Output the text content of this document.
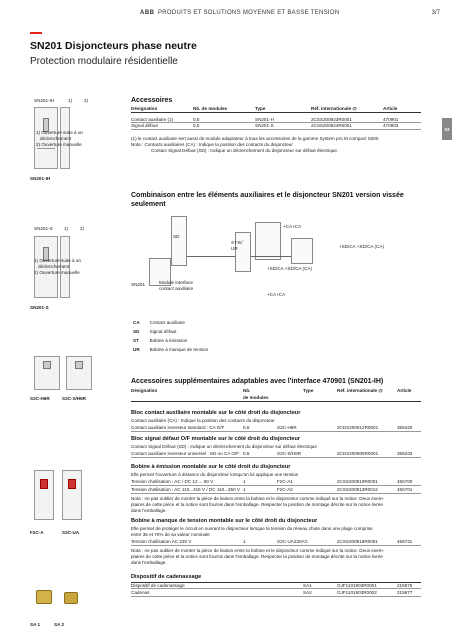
ABB PRODUITS ET SOLUTIONS MOYENNE ET BASSE TENSION	3/7
SN201 Disjoncteurs phase neutre
Protection modulaire résidentielle
03
SN201-IH	1)	2)
1) Ouverture suite à un
déclenchement
2) Ouverture manuelle
SN201-IH
Accessoires
Désignation	Nb. de modules	Type	Réf. internationale @	Article

Contact auxiliaire (1)	0,5	SN201-H	2CSS200923R0001	470901
Signal défaut	0,5	SN201-S	2CSS200924R0001	470903
(1) le contact auxiliaire sert aussi de module adaptateur à tous les accessoires de la gamme System pro M compact S200
Nota : Contacts auxiliaires (CA) : Indique la position des contacts du disjoncteur
Contact Signal Défaut (SD) : Indique un déclenchement du disjoncteur sur défaut électrique.
Combinaison entre les éléments auxiliaires et le disjoncteur SN201 version vissée
seulement
SN201-S 1)	2)
1) Ouverture suite à un
déclenchement
2) Ouverture manuelle
SN201-S
SD
SN201
ST-E/
UR
+CA+CA
+SD/CA +SD/CA (CA)
+SD/CA +SD/CA (CA)
+CA+CA
Module interface
contact auxiliaire
CA	Contact auxiliaire
SD	Signal défaut
ST	Bobine à émission
UR	Bobine à manque de tension
S2C-H6R	S2C-S/H6R
F2C-A	S2C-UA
SA 1	SA 2
Accessoires supplémentaires adaptables avec l'interface 470901 (SN201-IH)
Désignation	Nb.
de modules
Type	Réf. internationale @	Article
Bloc contact auxiliaire montable sur le côté droit du disjoncteur
Contact auxiliaire (CA) : Indique la position des contacts du disjoncteur
Contact auxiliaire inverseur standard : CA O/F	0,5	S2C-H6R	2CDS200912R0001	355420
Bloc signal défaut O/F montable sur le côté droit du disjoncteur
Contact Signal Défaut (SD) : Indique un déclenchement du disjoncteur sur défaut électrique
Contact auxiliaire inverseur universel : SD ou CA O/F 0,5	S2C-S/H6R	2CDS200909R0001	355433
Bobine à émission montable sur le côté droit du disjoncteur
Elle permet l'ouverture à distance du disjoncteur lorsqu'on lui applique une tension
Tension d'utilisation : AC / DC 12 ... 60 V	1	F2C-A1	2CSS200910R0001	455700
Tension d'utilisation : AC 110...415 V / DC 110...250 V 1	F2C-A2	2CSS200913R0012	455701
Nota : ne pas oublier de monter la pièce de liaison entre la bobine et le disjoncteur comme indiqué sur la notice. Deux exem-
plaires de cette pièce et la notice sont fournis dans l'emballage. Respecter la position de montage décrite sur la notice livrée
dans l'emballage.
Bobine à manque de tension montable sur le côté droit du disjoncteur
Elle permet de protéger le circuit en ouvrant le disjoncteur lorsque la tension du réseau chute dans une plage comprise
entre 35 et 70% de sa valeur nominale
Tension d'utilisation AC 230 V	1	S2C-UA230AC	2CSS200918R0001	455731
Nota : ne pas oublier de monter la pièce de liaison entre la bobine et le disjoncteur comme indiqué sur la notice. Deux exem-
plaires de cette pièce et la notice sont fournis dans l'emballage. Respecter la position de montage décrite sur la notice livrée
dans l'emballage.
Dispositif de cadenassage
Dispositif de cadenassage	SA1	GJF1101903R0001	215876
Cadenas	SA2	GJF1101903R0002	215877
